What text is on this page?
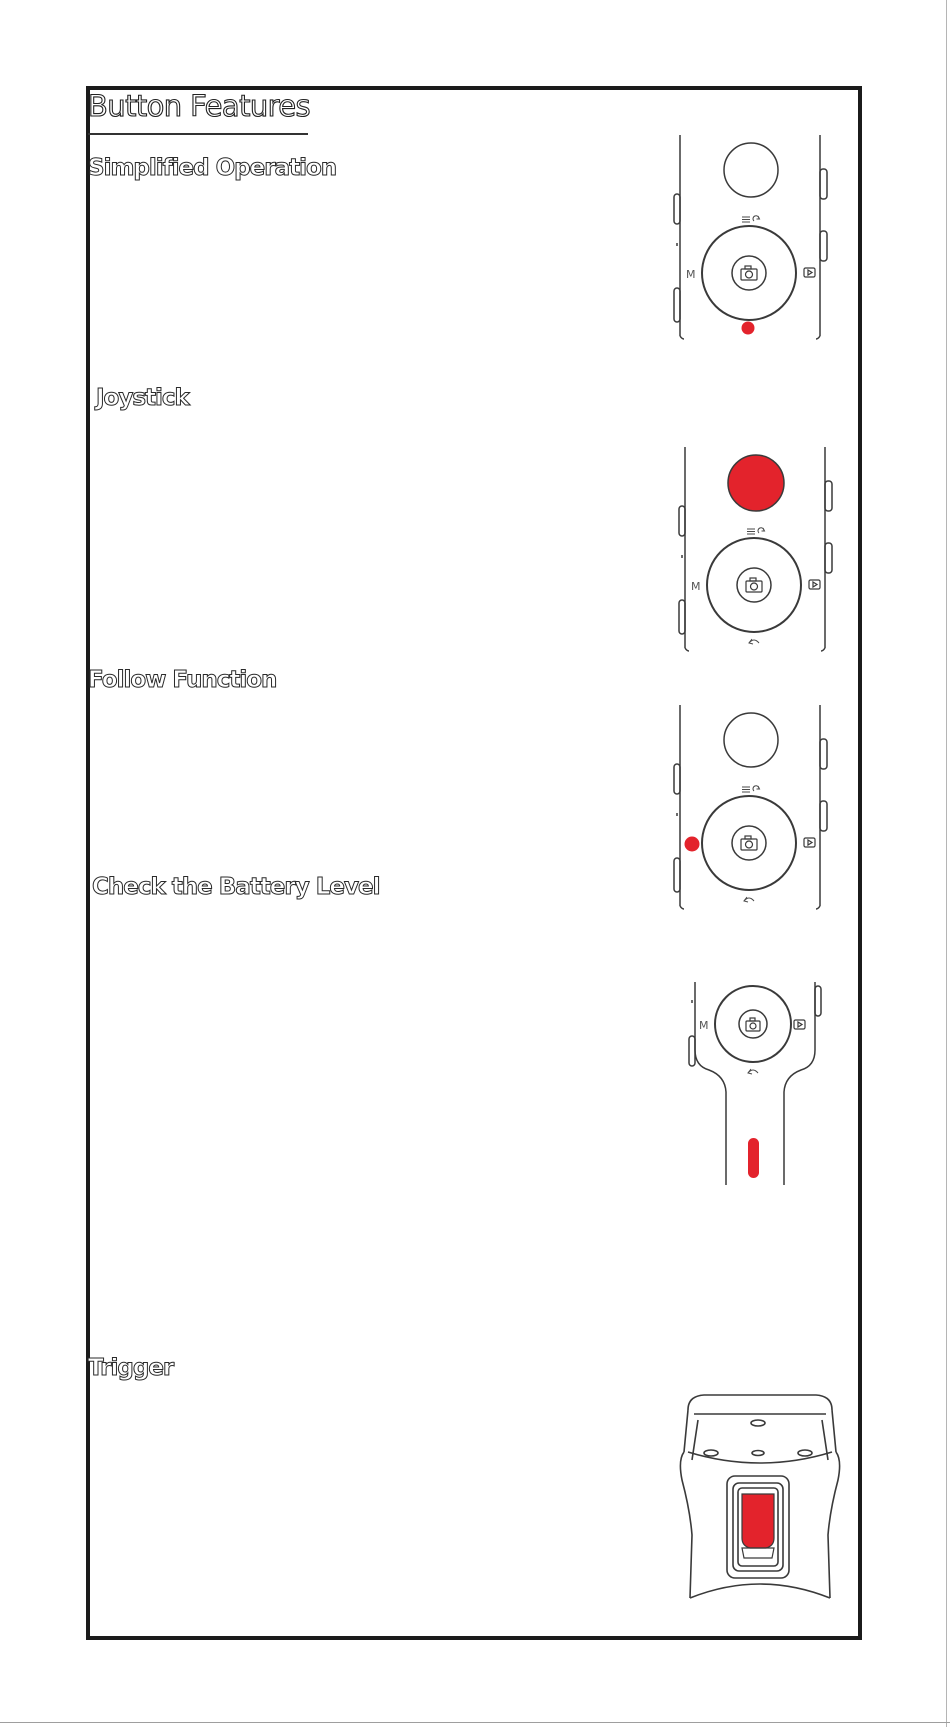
Button Features
Simplified Operation
Joystick
Follow Function
Check the Battery Level
Trigger
M
M
M
